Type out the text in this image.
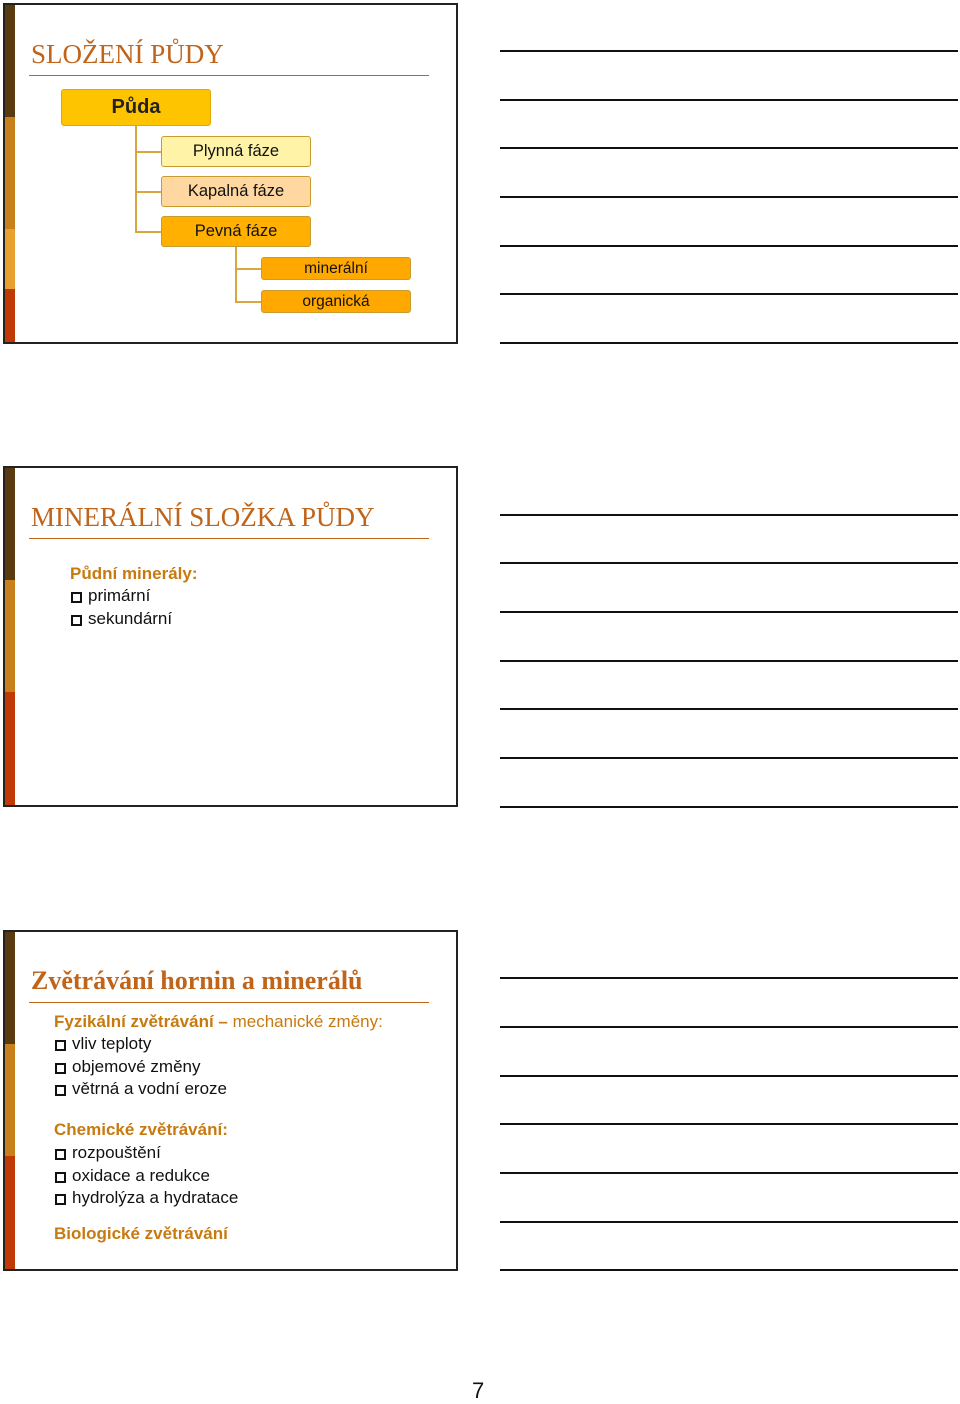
SLOŽENÍ PŮDY
Půda
Plynná fáze
Kapalná fáze
Pevná fáze
minerální
organická
MINERÁLNÍ SLOŽKA PŮDY
Půdní minerály:
primární
sekundární
Zvětrávání hornin a minerálů
Fyzikální zvětrávání – mechanické změny:
vliv teploty
objemové změny
větrná a vodní eroze
Chemické zvětrávání:
rozpouštění
oxidace a redukce
hydrolýza a hydratace
Biologické zvětrávání
7
